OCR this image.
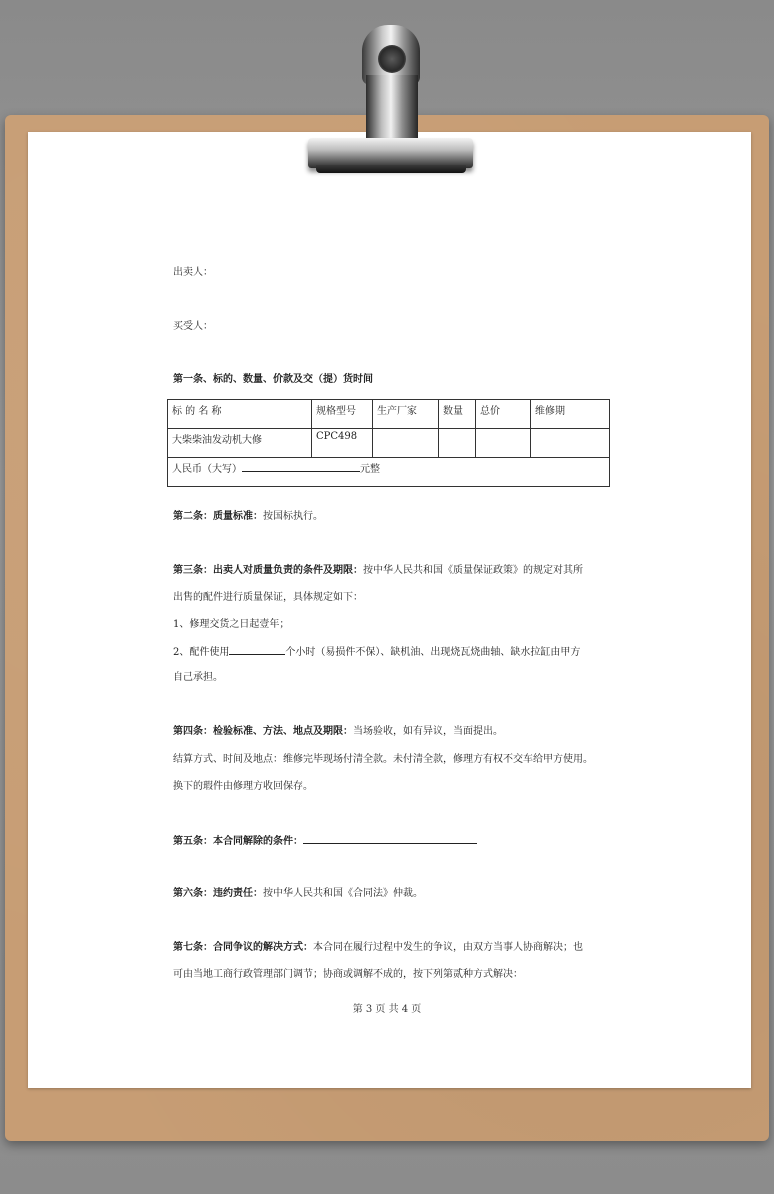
出卖人：
买受人：
第一条、标的、数量、价款及交（提）货时间
标 的 名 称	规格型号	生产厂家	数量	总价	维修期
大柴柴油发动机大修	CPC498				
人民币（大写） 元整					
第二条：质量标准：按国标执行。
第三条：出卖人对质量负责的条件及期限：按中华人民共和国《质量保证政策》的规定对其所
出售的配件进行质量保证，具体规定如下：
1、修理交货之日起壹年；
2、配件使用	个小时（易损件不保）、缺机油、出现烧瓦烧曲轴、缺水拉缸由甲方
自己承担。
第四条：检验标准、方法、地点及期限：当场验收，如有异议，当面提出。
结算方式、时间及地点：维修完毕现场付清全款。未付清全款，修理方有权不交车给甲方使用。
换下的瑕件由修理方收回保存。
第五条：本合同解除的条件：
第六条：违约责任：按中华人民共和国《合同法》仲裁。
第七条：合同争议的解决方式：本合同在履行过程中发生的争议，由双方当事人协商解决；也
可由当地工商行政管理部门调节；协商或调解不成的，按下列第贰种方式解决：
第 3 页 共 4 页
